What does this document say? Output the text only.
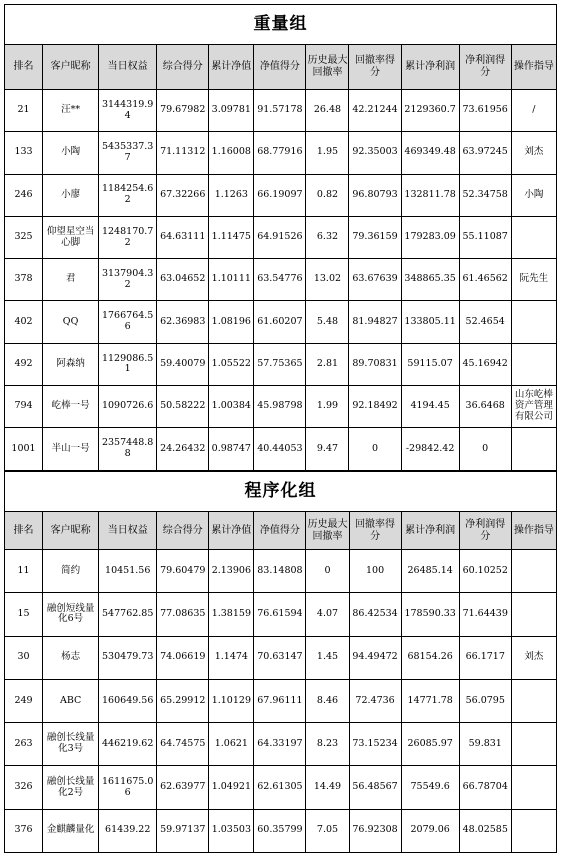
重量组										
排名	客户昵称	当日权益	综合得分	累计净值	净值得分	历史最大回撤率	回撤率得分	累计净利润	净利润得分	操作指导
21	汪**	3144319.94	79.67982	3.09781	91.57178	26.48	42.21244	2129360.7	73.61956	/
133	小陶	5435337.37	71.11312	1.16008	68.77916	1.95	92.35003	469349.48	63.97245	刘杰
246	小廖	1184254.62	67.32266	1.1263	66.19097	0.82	96.80793	132811.78	52.34758	小陶
325	仰望星空当心脚	1248170.72	64.63111	1.11475	64.91526	6.32	79.36159	179283.09	55.11087	
378	君	3137904.32	63.04652	1.10111	63.54776	13.02	63.67639	348865.35	61.46562	阮先生
402	QQ	1766764.56	62.36983	1.08196	61.60207	5.48	81.94827	133805.11	52.4654	
492	阿森纳	1129086.51	59.40079	1.05522	57.75365	2.81	89.70831	59115.07	45.16942	
794	屹棒一号	1090726.6	50.58222	1.00384	45.98798	1.99	92.18492	4194.45	36.6468	山东屹棒资产管理有限公司
1001	半山一号	2357448.88	24.26432	0.98747	40.44053	9.47	0	-29842.42	0	
程序化组										
排名	客户昵称	当日权益	综合得分	累计净值	净值得分	历史最大回撤率	回撤率得分	累计净利润	净利润得分	操作指导
11	简约	10451.56	79.60479	2.13906	83.14808	0	100	26485.14	60.10252	
15	融创短线量化6号	547762.85	77.08635	1.38159	76.61594	4.07	86.42534	178590.33	71.64439	
30	杨志	530479.73	74.06619	1.1474	70.63147	1.45	94.49472	68154.26	66.1717	刘杰
249	ABC	160649.56	65.29912	1.10129	67.96111	8.46	72.4736	14771.78	56.0795	
263	融创长线量化3号	446219.62	64.74575	1.0621	64.33197	8.23	73.15234	26085.97	59.831	
326	融创长线量化2号	1611675.06	62.63977	1.04921	62.61305	14.49	56.48567	75549.6	66.78704	
376	金麒麟量化	61439.22	59.97137	1.03503	60.35799	7.05	76.92308	2079.06	48.02585	
